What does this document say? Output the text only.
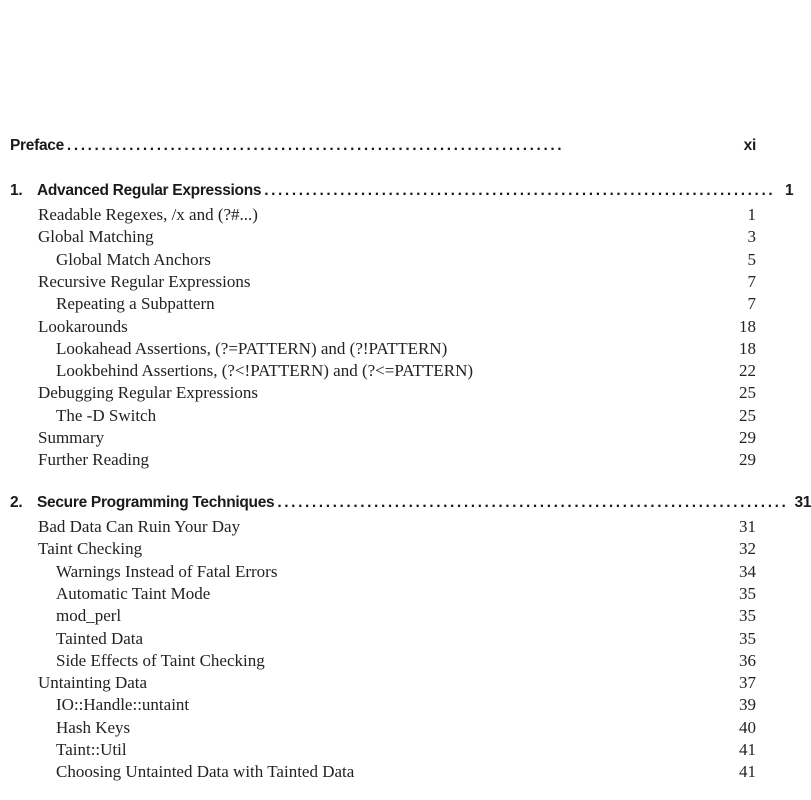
Preface ........................................................................	xi
1. Advanced Regular Expressions .......................................................................... 1
Readable Regexes, /x and (?#...)	1
Global Matching	3
Global Match Anchors	5
Recursive Regular Expressions	7
Repeating a Subpattern	7
Lookarounds	18
Lookahead Assertions, (?=PATTERN) and (?!PATTERN)	18
Lookbehind Assertions, (?<!PATTERN) and (?<=PATTERN)	22
Debugging Regular Expressions	25
The -D Switch	25
Summary	29
Further Reading	29
2. Secure Programming Techniques .......................................................................... 31
Bad Data Can Ruin Your Day	31
Taint Checking	32
Warnings Instead of Fatal Errors	34
Automatic Taint Mode	35
mod_perl	35
Tainted Data	35
Side Effects of Taint Checking	36
Untainting Data	37
IO::Handle::untaint	39
Hash Keys	40
Taint::Util	41
Choosing Untainted Data with Tainted Data	41
